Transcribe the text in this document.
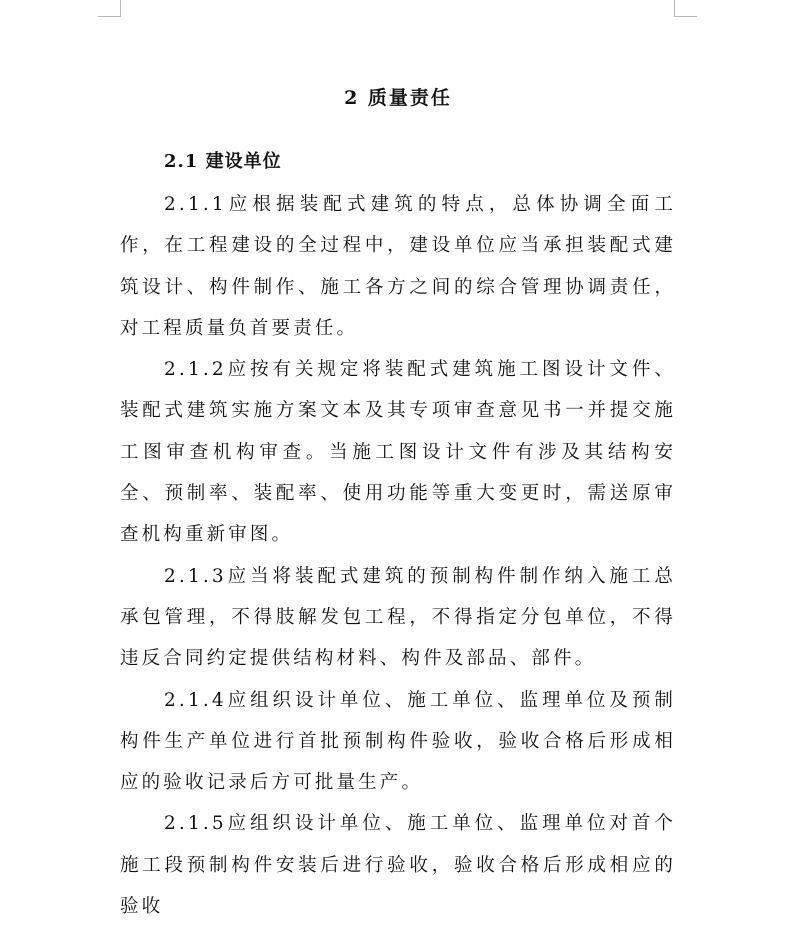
2 质量责任
2.1 建设单位

2.1.1应根据装配式建筑的特点，总体协调全面工作，在工程建设的全过程中，建设单位应当承担装配式建筑设计、构件制作、施工各方之间的综合管理协调责任，对工程质量负首要责任。

2.1.2应按有关规定将装配式建筑施工图设计文件、装配式建筑实施方案文本及其专项审查意见书一并提交施工图审查机构审查。当施工图设计文件有涉及其结构安全、预制率、装配率、使用功能等重大变更时，需送原审查机构重新审图。

2.1.3应当将装配式建筑的预制构件制作纳入施工总承包管理，不得肢解发包工程，不得指定分包单位，不得违反合同约定提供结构材料、构件及部品、部件。

2.1.4应组织设计单位、施工单位、监理单位及预制构件生产单位进行首批预制构件验收，验收合格后形成相应的验收记录后方可批量生产。

2.1.5应组织设计单位、施工单位、监理单位对首个施工段预制构件安装后进行验收，验收合格后形成相应的验收
